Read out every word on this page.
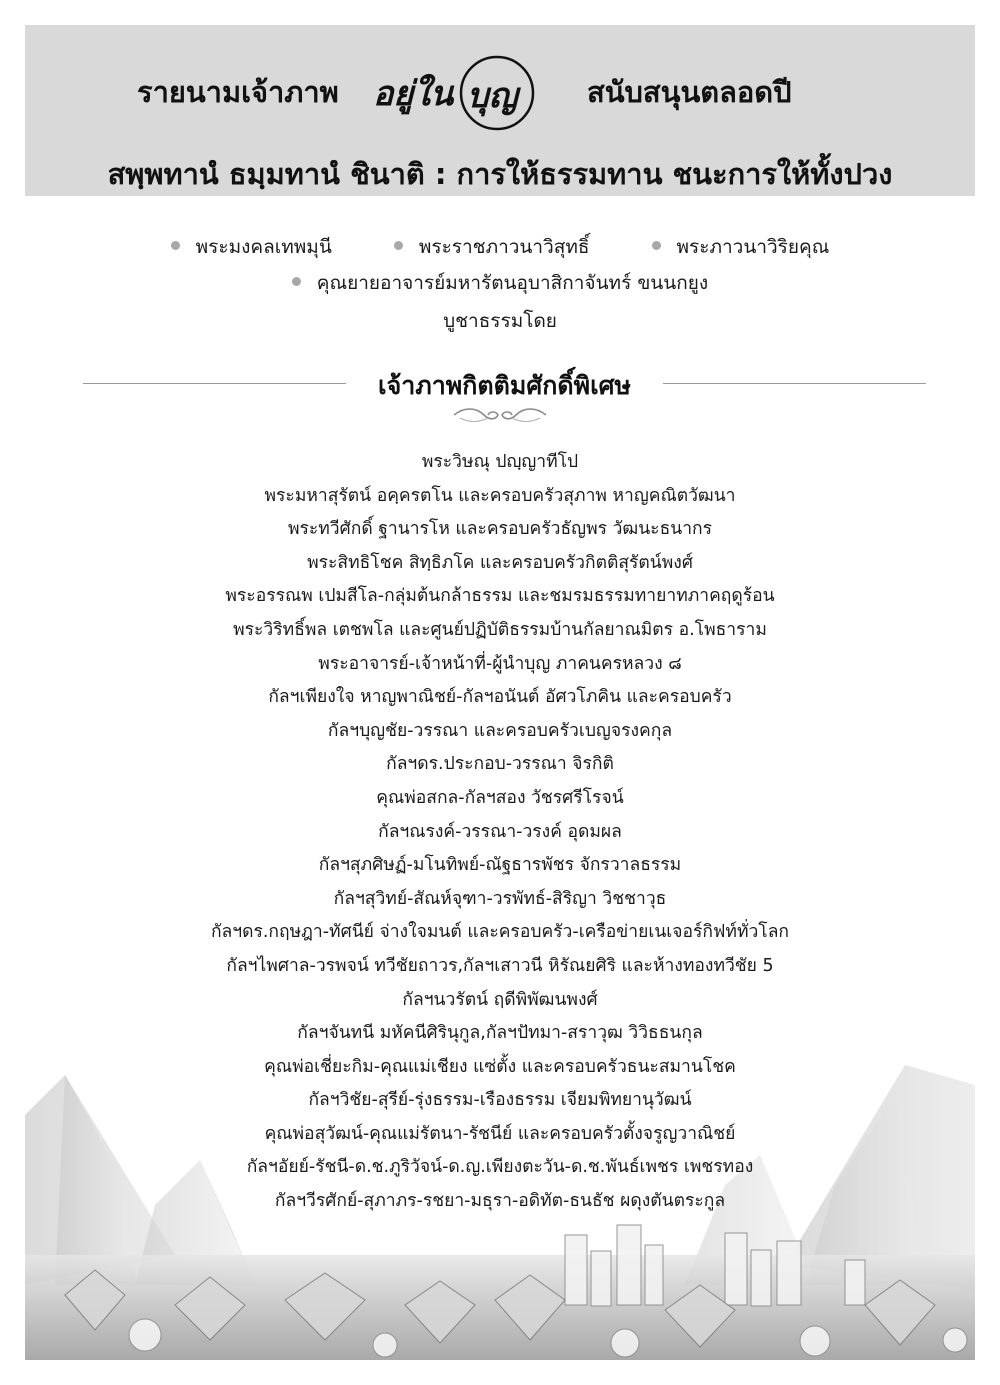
รายนามเจ้าภาพ อยู่ใน บุญ สนับสนุนตลอดปี
สพฺพทานํ ธมฺมทานํ ชินาติ : การให้ธรรมทาน ชนะการให้ทั้งปวง
พระมงคลเทพมุนี	พระราชภาวนาวิสุทธิ์	พระภาวนาวิริยคุณ
คุณยายอาจารย์มหารัตนอุบาสิกาจันทร์ ขนนกยูง
บูชาธรรมโดย
เจ้าภาพกิตติมศักดิ์พิเศษ
พระวิษณุ ปญฺญาทีโป
พระมหาสุรัตน์ อคฺครตโน และครอบครัวสุภาพ หาญคณิตวัฒนา
พระทวีศักดิ์ ฐานารโห และครอบครัวธัญพร วัฒนะธนากร
พระสิทธิโชค สิทฺธิภโค และครอบครัวกิตติสุรัตน์พงศ์
พระอรรณพ เปมสีโล-กลุ่มต้นกล้าธรรม และชมรมธรรมทายาทภาคฤดูร้อน
พระวิริทธิ์พล เตชพโล และศูนย์ปฏิบัติธรรมบ้านกัลยาณมิตร อ.โพธาราม
พระอาจารย์-เจ้าหน้าที่-ผู้นำบุญ ภาคนครหลวง ๘
กัลฯเพียงใจ หาญพาณิชย์-กัลฯอนันต์ อัศวโภคิน และครอบครัว
กัลฯบุญชัย-วรรณา และครอบครัวเบญจรงคกุล
กัลฯดร.ประกอบ-วรรณา จิรกิติ
คุณพ่อสกล-กัลฯสอง วัชรศรีโรจน์
กัลฯณรงค์-วรรณา-วรงค์ อุดมผล
กัลฯสุภศิษฏ์-มโนทิพย์-ณัฐธารพัชร จักรวาลธรรม
กัลฯสุวิทย์-สัณห์จุฑา-วรพัทธ์-สิริญา วิชชาวุธ
กัลฯดร.กฤษฎา-ทัศนีย์ จ่างใจมนต์ และครอบครัว-เครือข่ายเนเจอร์กิฟท์ทั่วโลก
กัลฯไพศาล-วรพจน์ ทวีชัยถาวร,กัลฯเสาวนี หิรัณยศิริ และห้างทองทวีชัย 5
กัลฯนวรัตน์ ฤดีพิพัฒนพงศ์
กัลฯจันทนี มหัคนีศิรินุกูล,กัลฯปัทมา-สราวุฒ วิวิธธนกุล
คุณพ่อเชี่ยะกิม-คุณแม่เชียง แซ่ตั้ง และครอบครัวธนะสมานโชค
กัลฯวิชัย-สุรีย์-รุ่งธรรม-เรืองธรรม เจียมพิทยานุวัฒน์
คุณพ่อสุวัฒน์-คุณแม่รัตนา-รัชนีย์ และครอบครัวตั้งจรูญวาณิชย์
กัลฯอัยย์-รัชนี-ด.ช.ภูริวัจน์-ด.ญ.เพียงตะวัน-ด.ช.พันธ์เพชร เพชรทอง
กัลฯวีรศักย์-สุภาภร-รชยา-มธุรา-อดิทัต-ธนธัช ผดุงตันตระกูล
